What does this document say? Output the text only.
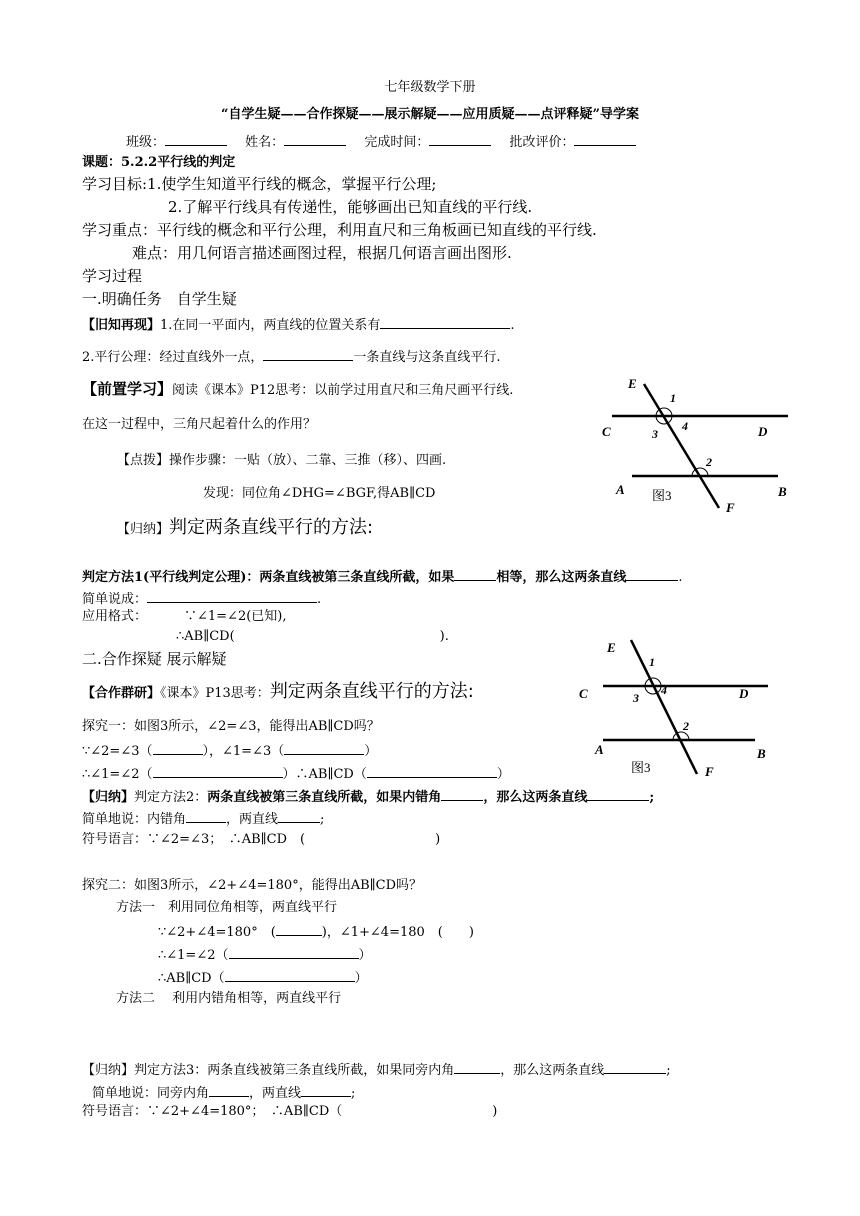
七年级数学下册
“自学生疑——合作探疑——展示解疑——应用质疑——点评释疑”导学案
班级：	姓名：	完成时间：	批改评价：
课题：5.2.2平行线的判定
学习目标:1.使学生知道平行线的概念，掌握平行公理;
2.了解平行线具有传递性，能够画出已知直线的平行线.
学习重点：平行线的概念和平行公理，利用直尺和三角板画已知直线的平行线.
难点：用几何语言描述画图过程，根据几何语言画出图形.
学习过程
一.明确任务　自学生疑
【旧知再现】1.在同一平面内，两直线的位置关系有	.
2.平行公理：经过直线外一点，	一条直线与这条直线平行.
【前置学习】阅读《课本》P12思考：以前学过用直尺和三角尺画平行线.
在这一过程中，三角尺起着什么的作用？
【点拨】操作步骤：一贴（放）、二靠、三推（移）、四画.
发现：同位角∠DHG=∠BGF,得AB∥CD
【归纳】判定两条直线平行的方法:
判定方法1(平行线判定公理)：两条直线被第三条直线所截，如果	相等，那么这两条直线	.
简单说成：	.
应用格式：	∵∠1=∠2(已知),
∴AB∥CD(	).
二.合作探疑 展示解疑
【合作群研】《课本》P13思考：判定两条直线平行的方法:
探究一：如图3所示，∠2=∠3，能得出AB∥CD吗？
∵∠2=∠3（	），∠1=∠3（	）
∴∠1=∠2（	）∴AB∥CD（	）
【归纳】判定方法2：两条直线被第三条直线所截，如果内错角	，那么这两条直线	;
简单地说：内错角	，两直线	;
符号语言：∵∠2=∠3；　∴AB∥CD　(	)
探究二：如图3所示，∠2+∠4=180°，能得出AB∥CD吗？
方法一　利用同位角相等，两直线平行
∵∠2+∠4=180°　(	)，∠1+∠4=180　( )
∴∠1=∠2（	）
∴AB∥CD（	）
方法二　 利用内错角相等，两直线平行
【归纳】判定方法3：两条直线被第三条直线所截，如果同旁内角	，那么这两条直线	;
简单地说：同旁内角	，两直线	;
符号语言：∵∠2+∠4=180°；　∴AB∥CD（	)
E
C	D
A	B
F
1
3
4
2
图3
E
C	D
A	B
F
1
3
4
2
图3
